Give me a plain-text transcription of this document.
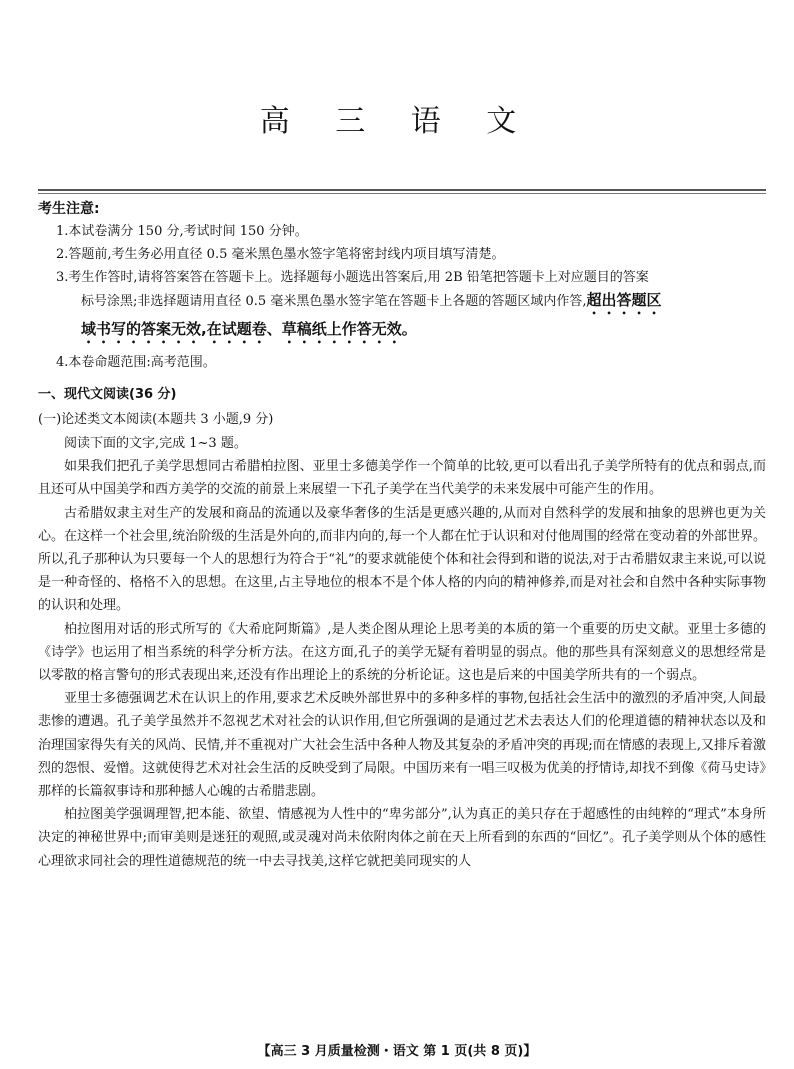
高 三 语 文
考生注意:

1.本试卷满分 150 分,考试时间 150 分钟。

2.答题前,考生务必用直径 0.5 毫米黑色墨水签字笔将密封线内项目填写清楚。

3.考生作答时,请将答案答在答题卡上。选择题每小题选出答案后,用 2B 铅笔把答题卡上对应题目的答案

标号涂黑;非选择题请用直径 0.5 毫米黑色墨水签字笔在答题卡上各题的答题区域内作答,超出答题区

域书写的答案无效,在试题卷、草稿纸上作答无效。

4.本卷命题范围:高考范围。

一、现代文阅读(36 分)
(一)论述类文本阅读(本题共 3 小题,9 分)

阅读下面的文字,完成 1~3 题。

如果我们把孔子美学思想同古希腊柏拉图、亚里士多德美学作一个简单的比较,更可以看出孔子美学所特有的优点和弱点,而且还可从中国美学和西方美学的交流的前景上来展望一下孔子美学在当代美学的未来发展中可能产生的作用。

古希腊奴隶主对生产的发展和商品的流通以及豪华奢侈的生活是更感兴趣的,从而对自然科学的发展和抽象的思辨也更为关心。在这样一个社会里,统治阶级的生活是外向的,而非内向的,每一个人都在忙于认识和对付他周围的经常在变动着的外部世界。所以,孔子那种认为只要每一个人的思想行为符合于“礼”的要求就能使个体和社会得到和谐的说法,对于古希腊奴隶主来说,可以说是一种奇怪的、格格不入的思想。在这里,占主导地位的根本不是个体人格的内向的精神修养,而是对社会和自然中各种实际事物的认识和处理。

柏拉图用对话的形式所写的《大希庇阿斯篇》,是人类企图从理论上思考美的本质的第一个重要的历史文献。亚里士多德的《诗学》也运用了相当系统的科学分析方法。在这方面,孔子的美学无疑有着明显的弱点。他的那些具有深刻意义的思想经常是以零散的格言警句的形式表现出来,还没有作出理论上的系统的分析论证。这也是后来的中国美学所共有的一个弱点。

亚里士多德强调艺术在认识上的作用,要求艺术反映外部世界中的多种多样的事物,包括社会生活中的激烈的矛盾冲突,人间最悲惨的遭遇。孔子美学虽然并不忽视艺术对社会的认识作用,但它所强调的是通过艺术去表达人们的伦理道德的精神状态以及和治理国家得失有关的风尚、民情,并不重视对广大社会生活中各种人物及其复杂的矛盾冲突的再现;而在情感的表现上,又排斥着激烈的怨恨、爱憎。这就使得艺术对社会生活的反映受到了局限。中国历来有一唱三叹极为优美的抒情诗,却找不到像《荷马史诗》那样的长篇叙事诗和那种撼人心魄的古希腊悲剧。

柏拉图美学强调理智,把本能、欲望、情感视为人性中的“卑劣部分”,认为真正的美只存在于超感性的由纯粹的“理式”本身所决定的神秘世界中;而审美则是迷狂的观照,或灵魂对尚未依附肉体之前在天上所看到的东西的“回忆”。孔子美学则从个体的感性心理欲求同社会的理性道德规范的统一中去寻找美,这样它就把美同现实的人

【高三 3 月质量检测・语文 第 1 页(共 8 页)】
